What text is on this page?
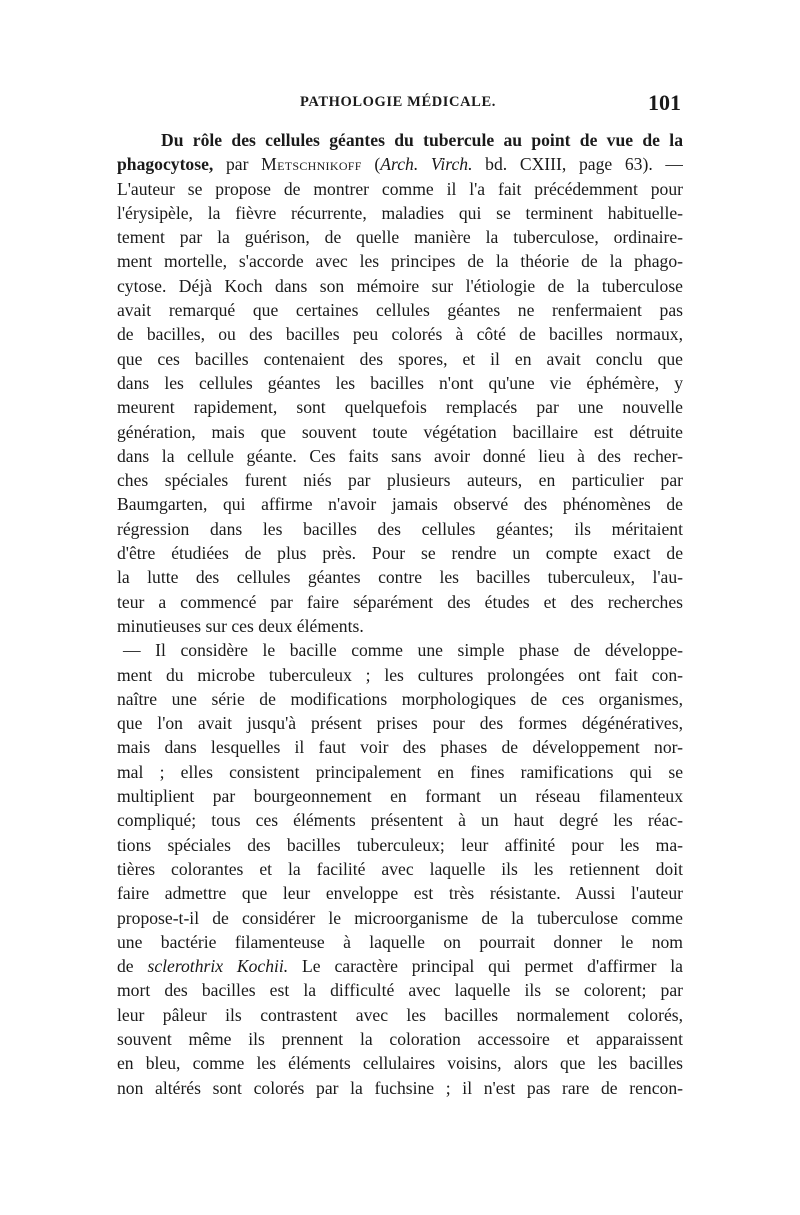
PATHOLOGIE MÉDICALE.	101
Du rôle des cellules géantes du tubercule au point de vue de la
phagocytose, par Metschnikoff (Arch. Virch. bd. CXIII, page 63). —
L'auteur se propose de montrer comme il l'a fait précédemment pour
l'érysipèle, la fièvre récurrente, maladies qui se terminent habituelle-
tement par la guérison, de quelle manière la tuberculose, ordinaire-
ment mortelle, s'accorde avec les principes de la théorie de la phago-
cytose. Déjà Koch dans son mémoire sur l'étiologie de la tuberculose
avait remarqué que certaines cellules géantes ne renfermaient pas
de bacilles, ou des bacilles peu colorés à côté de bacilles normaux,
que ces bacilles contenaient des spores, et il en avait conclu que
dans les cellules géantes les bacilles n'ont qu'une vie éphémère, y
meurent rapidement, sont quelquefois remplacés par une nouvelle
génération, mais que souvent toute végétation bacillaire est détruite
dans la cellule géante. Ces faits sans avoir donné lieu à des recher-
ches spéciales furent niés par plusieurs auteurs, en particulier par
Baumgarten, qui affirme n'avoir jamais observé des phénomènes de
régression dans les bacilles des cellules géantes; ils méritaient
d'être étudiées de plus près. Pour se rendre un compte exact de
la lutte des cellules géantes contre les bacilles tuberculeux, l'au-
teur a commencé par faire séparément des études et des recherches
minutieuses sur ces deux éléments.
— Il considère le bacille comme une simple phase de développe-
ment du microbe tuberculeux ; les cultures prolongées ont fait con-
naître une série de modifications morphologiques de ces organismes,
que l'on avait jusqu'à présent prises pour des formes dégénératives,
mais dans lesquelles il faut voir des phases de développement nor-
mal ; elles consistent principalement en fines ramifications qui se
multiplient par bourgeonnement en formant un réseau filamenteux
compliqué; tous ces éléments présentent à un haut degré les réac-
tions spéciales des bacilles tuberculeux; leur affinité pour les ma-
tières colorantes et la facilité avec laquelle ils les retiennent doit
faire admettre que leur enveloppe est très résistante. Aussi l'auteur
propose-t-il de considérer le microorganisme de la tuberculose comme
une bactérie filamenteuse à laquelle on pourrait donner le nom
de sclerothrix Kochii. Le caractère principal qui permet d'affirmer la
mort des bacilles est la difficulté avec laquelle ils se colorent; par
leur pâleur ils contrastent avec les bacilles normalement colorés,
souvent même ils prennent la coloration accessoire et apparaissent
en bleu, comme les éléments cellulaires voisins, alors que les bacilles
non altérés sont colorés par la fuchsine ; il n'est pas rare de rencon-
